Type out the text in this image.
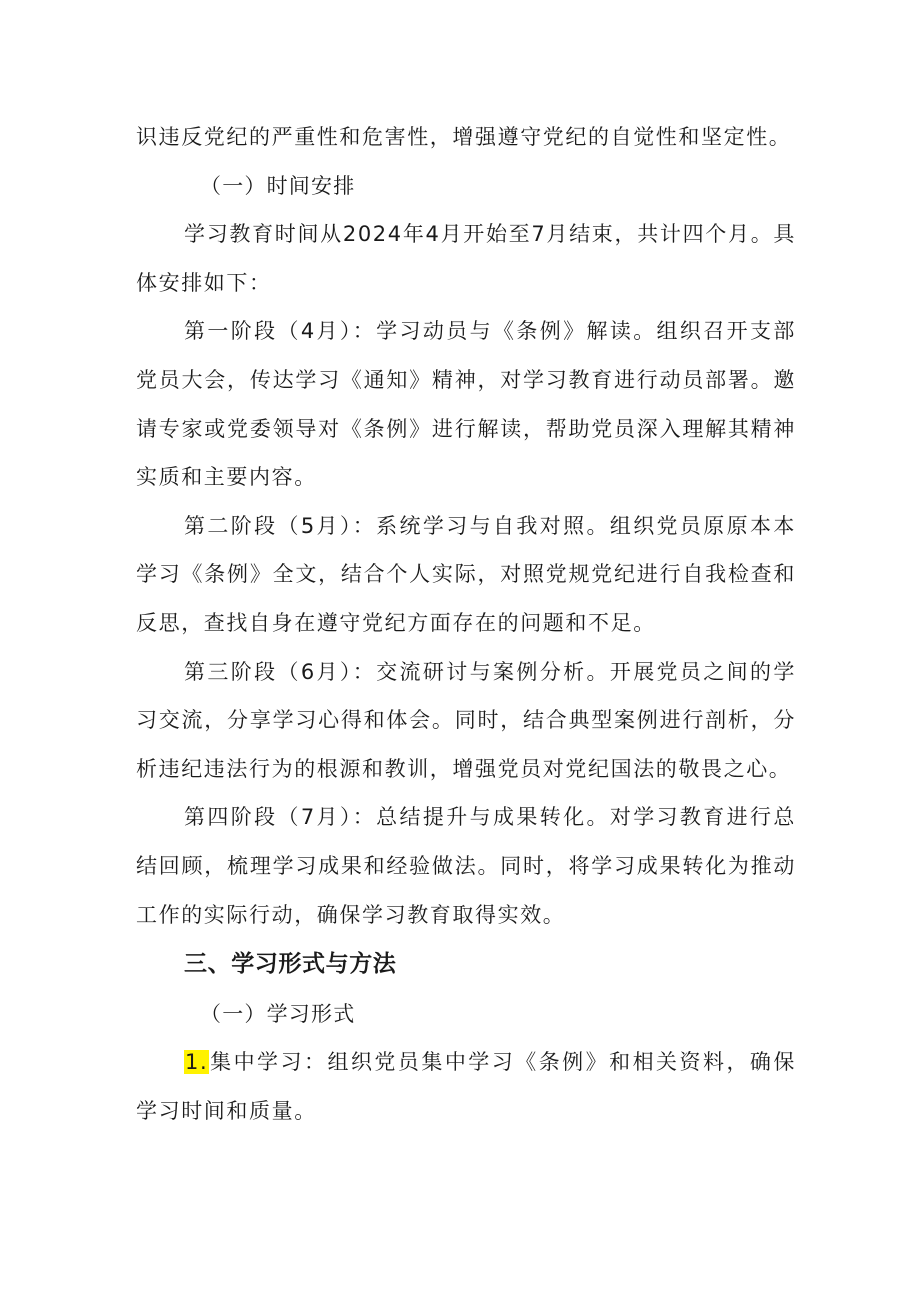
识违反党纪的严重性和危害性，增强遵守党纪的自觉性和坚定性。

（一）时间安排

学习教育时间从2024年4月开始至7月结束，共计四个月。具体安排如下：

第一阶段（4月）：学习动员与《条例》解读。组织召开支部党员大会，传达学习《通知》精神，对学习教育进行动员部署。邀请专家或党委领导对《条例》进行解读，帮助党员深入理解其精神实质和主要内容。

第二阶段（5月）：系统学习与自我对照。组织党员原原本本学习《条例》全文，结合个人实际，对照党规党纪进行自我检查和反思，查找自身在遵守党纪方面存在的问题和不足。

第三阶段（6月）：交流研讨与案例分析。开展党员之间的学习交流，分享学习心得和体会。同时，结合典型案例进行剖析，分析违纪违法行为的根源和教训，增强党员对党纪国法的敬畏之心。

第四阶段（7月）：总结提升与成果转化。对学习教育进行总结回顾，梳理学习成果和经验做法。同时，将学习成果转化为推动工作的实际行动，确保学习教育取得实效。

三、学习形式与方法

（一）学习形式

1.集中学习：组织党员集中学习《条例》和相关资料，确保学习时间和质量。
